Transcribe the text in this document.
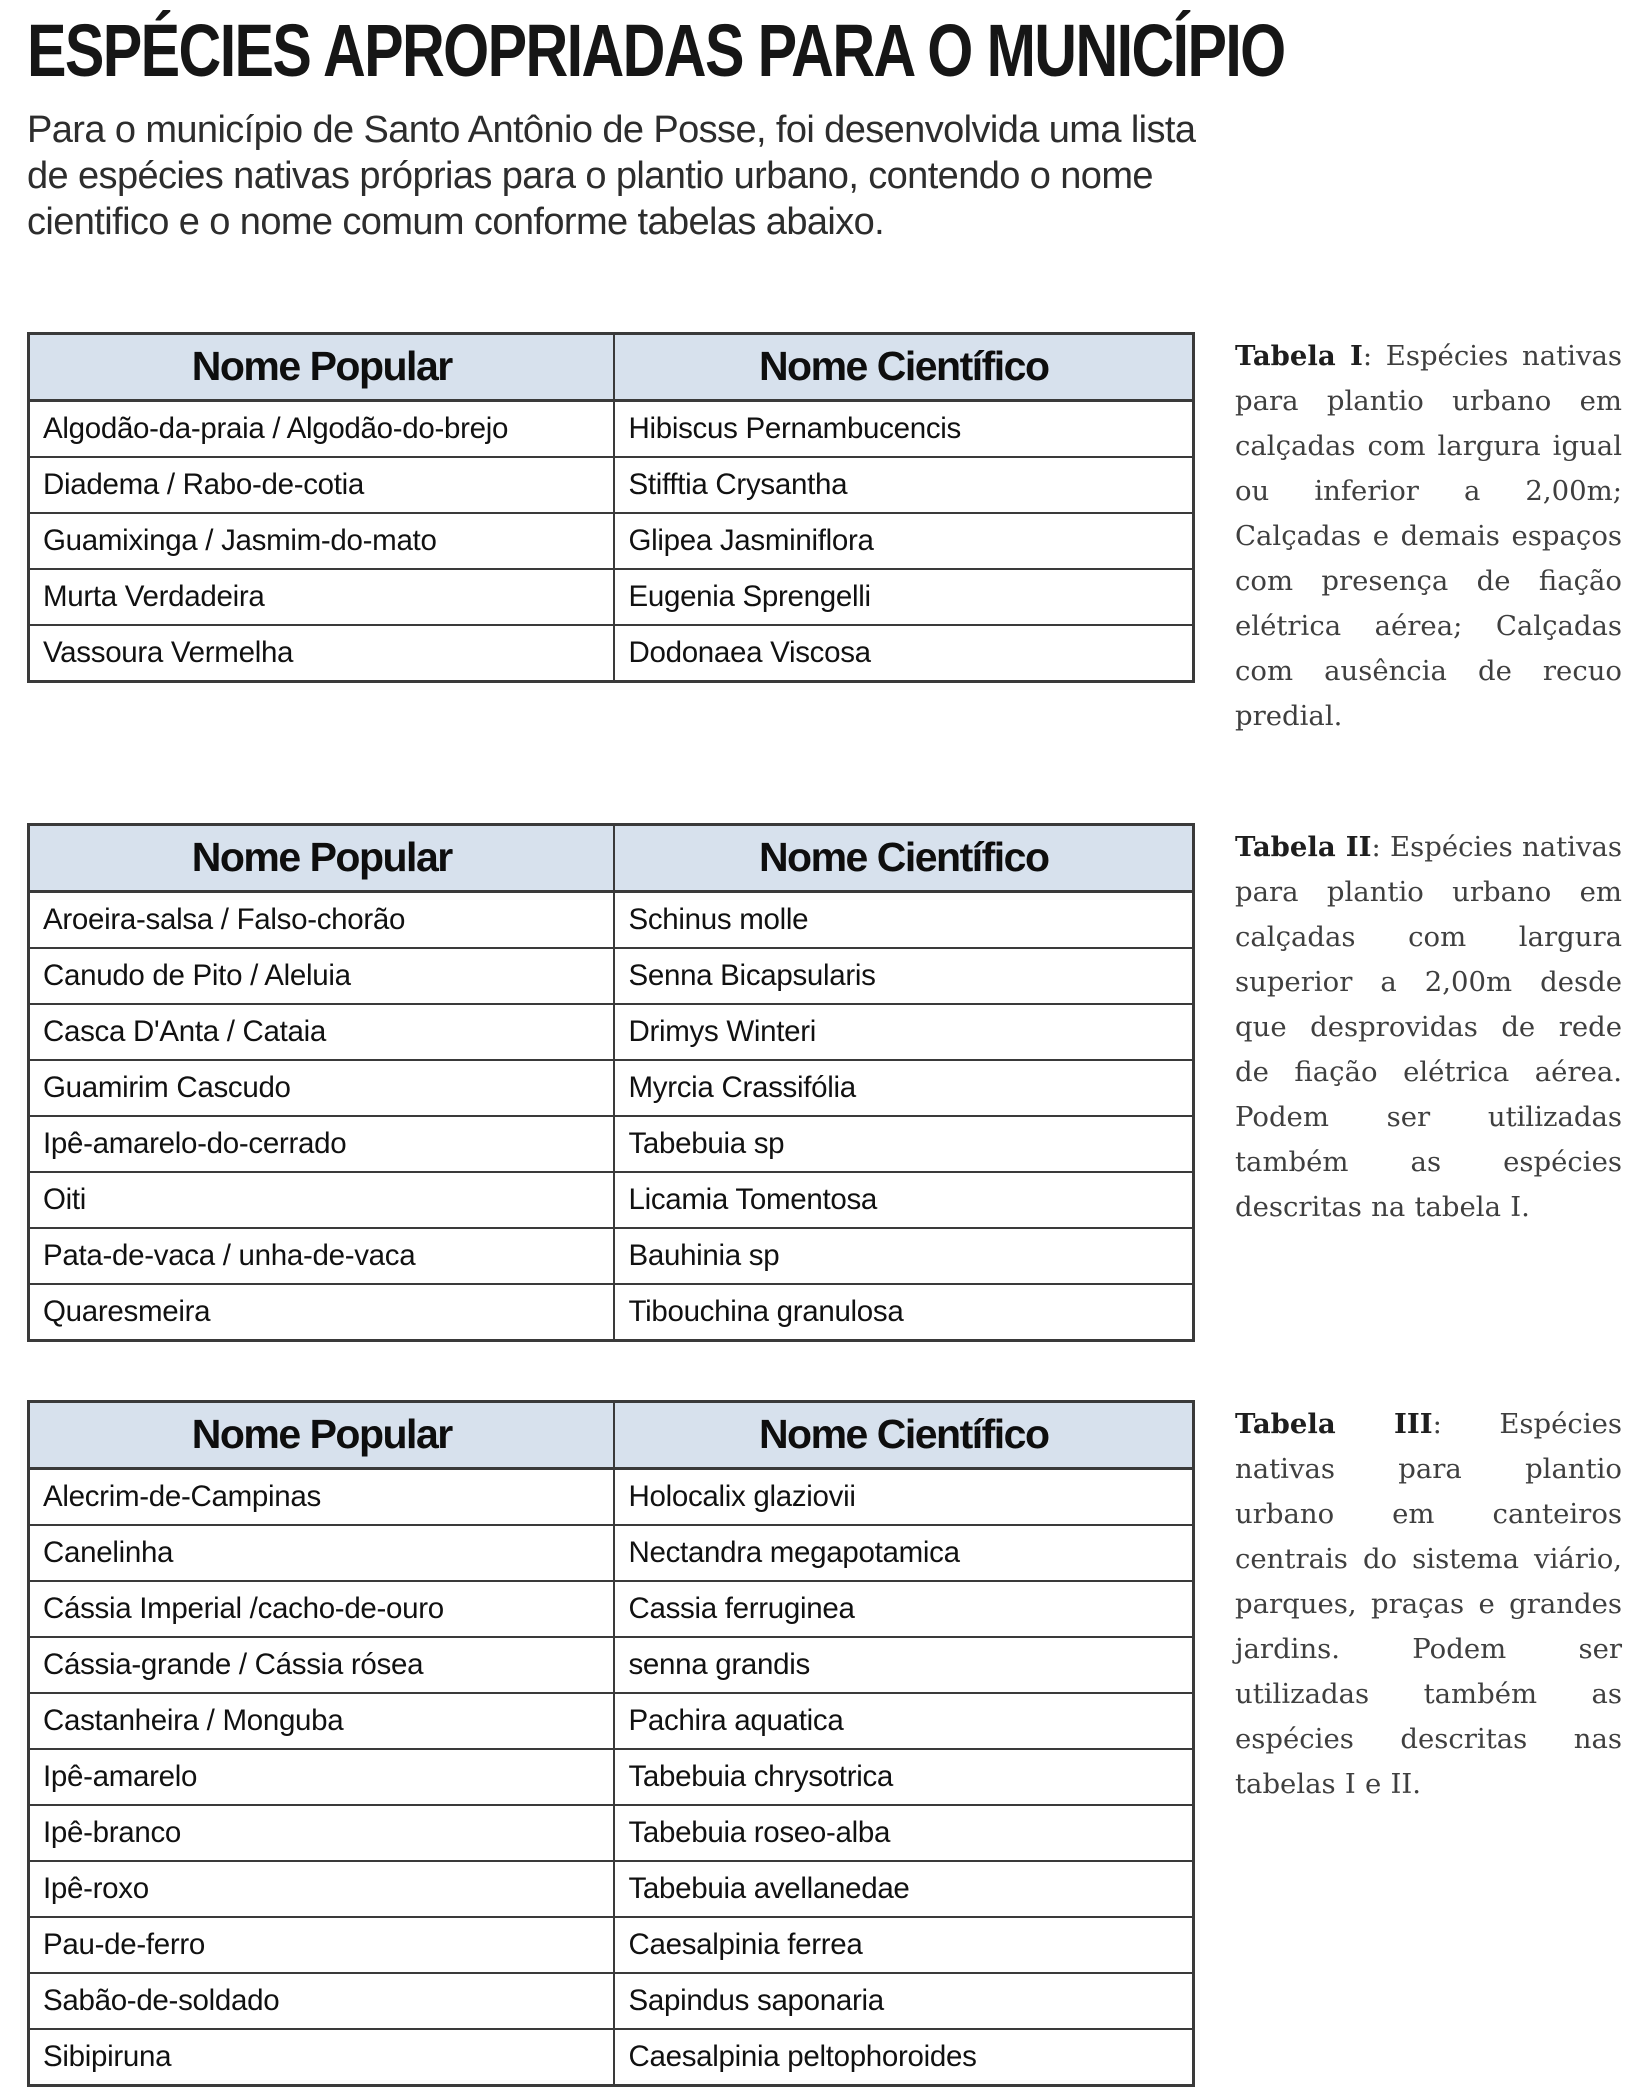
ESPÉCIES APROPRIADAS PARA O MUNICÍPIO

Para o município de Santo Antônio de Posse, foi desenvolvida uma lista de espécies nativas próprias para o plantio urbano, contendo o nome cientifico e o nome comum conforme tabelas abaixo.

Nome Popular	Nome Científico
Algodão-da-praia / Algodão-do-brejo	Hibiscus Pernambucencis
Diadema / Rabo-de-cotia	Stifftia Crysantha
Guamixinga / Jasmim-do-mato	Glipea Jasminiflora
Murta Verdadeira	Eugenia Sprengelli
Vassoura Vermelha	Dodonaea Viscosa
Tabela I: Espécies nativas para plantio urbano em calçadas com largura igual ou inferior a 2,00m; Calçadas e demais espaços com presença de fiação elétrica aérea; Calçadas com ausência de recuo predial.
Nome Popular	Nome Científico
Aroeira-salsa / Falso-chorão	Schinus molle
Canudo de Pito / Aleluia	Senna Bicapsularis
Casca D'Anta / Cataia	Drimys Winteri
Guamirim Cascudo	Myrcia Crassifólia
Ipê-amarelo-do-cerrado	Tabebuia sp
Oiti	Licamia Tomentosa
Pata-de-vaca / unha-de-vaca	Bauhinia sp
Quaresmeira	Tibouchina granulosa
Tabela II: Espécies nativas para plantio urbano em calçadas com largura superior a 2,00m desde que desprovidas de rede de fiação elétrica aérea. Podem ser utilizadas também as espécies descritas na tabela I.
Nome Popular	Nome Científico
Alecrim-de-Campinas	Holocalix glaziovii
Canelinha	Nectandra megapotamica
Cássia Imperial /cacho-de-ouro	Cassia ferruginea
Cássia-grande / Cássia rósea	senna grandis
Castanheira / Monguba	Pachira aquatica
Ipê-amarelo	Tabebuia chrysotrica
Ipê-branco	Tabebuia roseo-alba
Ipê-roxo	Tabebuia avellanedae
Pau-de-ferro	Caesalpinia ferrea
Sabão-de-soldado	Sapindus saponaria
Sibipiruna	Caesalpinia peltophoroides
Tabela III: Espécies nativas para plantio urbano em canteiros centrais do sistema viário, parques, praças e grandes jardins. Podem ser utilizadas também as espécies descritas nas tabelas I e II.
